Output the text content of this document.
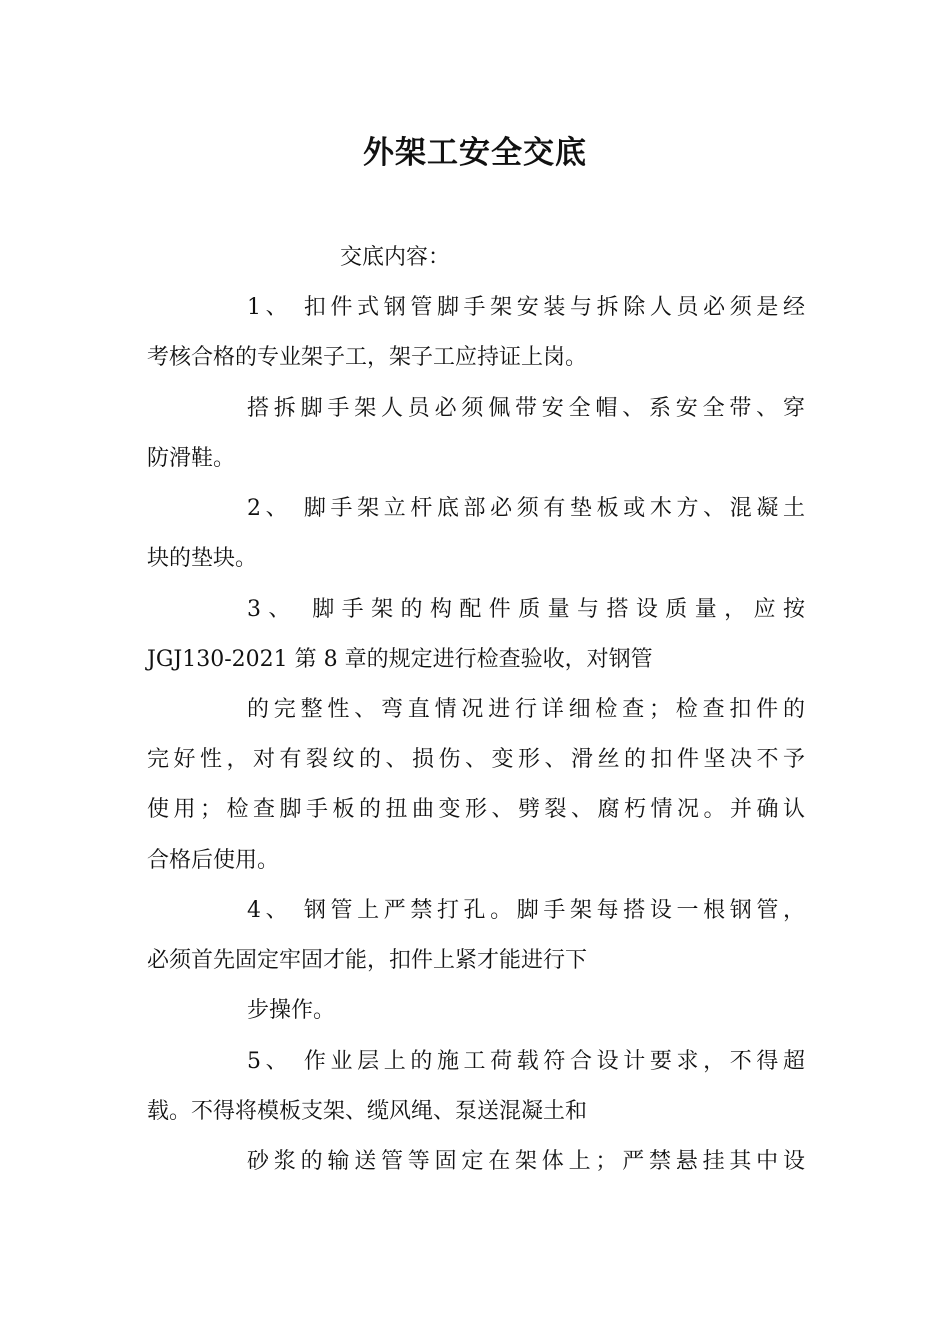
外架工安全交底
交底内容：
1、 扣件式钢管脚手架安装与拆除人员必须是经
考核合格的专业架子工，架子工应持证上岗。
搭拆脚手架人员必须佩带安全帽、系安全带、穿
防滑鞋。
2、 脚手架立杆底部必须有垫板或木方、混凝土
块的垫块。
3、 脚手架的构配件质量与搭设质量，应按
JGJ130-2021 第 8 章的规定进行检查验收，对钢管
的完整性、弯直情况进行详细检查；检查扣件的
完好性，对有裂纹的、损伤、变形、滑丝的扣件坚决不予
使用；检查脚手板的扭曲变形、劈裂、腐朽情况。并确认
合格后使用。
4、 钢管上严禁打孔。脚手架每搭设一根钢管，
必须首先固定牢固才能，扣件上紧才能进行下
步操作。
5、 作业层上的施工荷载符合设计要求，不得超
载。不得将模板支架、缆风绳、泵送混凝土和
砂浆的输送管等固定在架体上；严禁悬挂其中设
